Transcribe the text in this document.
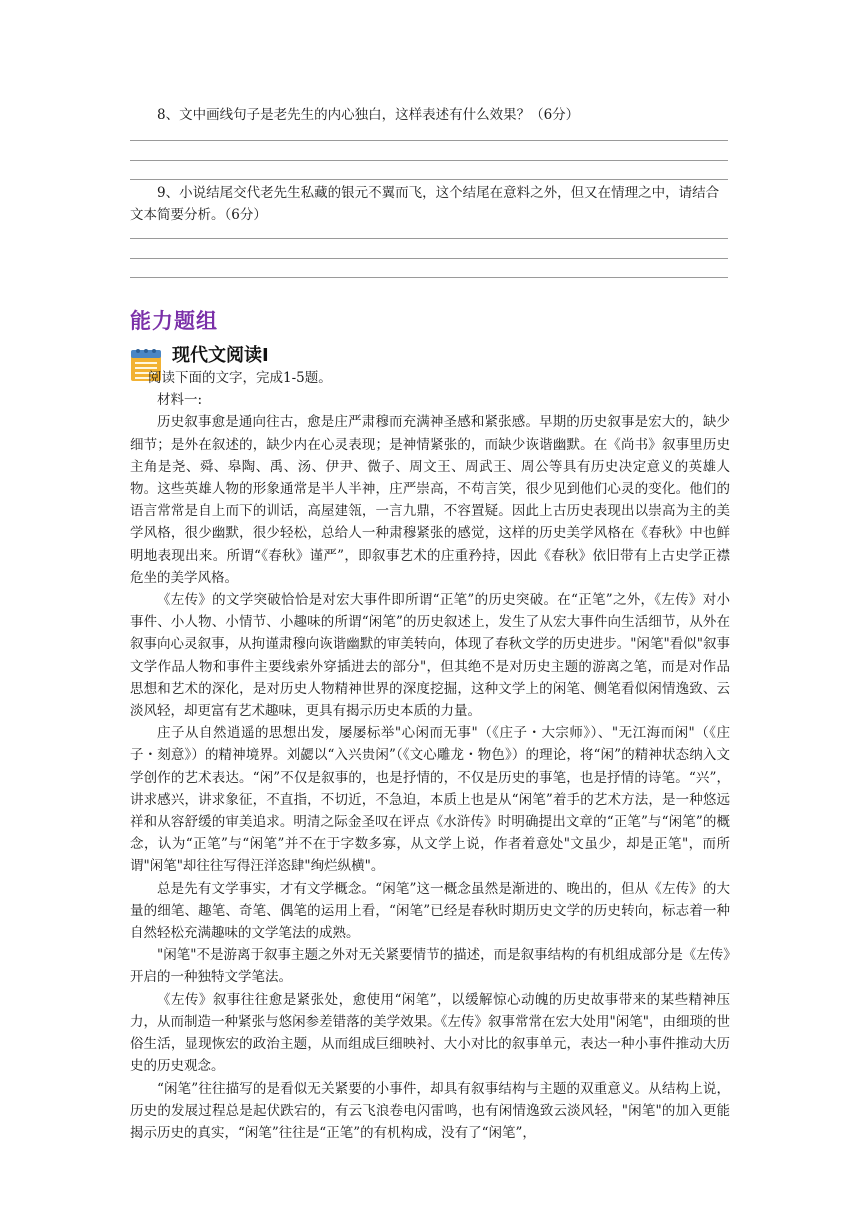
8、文中画线句子是老先生的内心独白，这样表述有什么效果？（6分）
9、小说结尾交代老先生私藏的银元不翼而飞，这个结尾在意料之外，但又在情理之中，请结合文本简要分析。（6分）
能力题组
现代文阅读Ⅰ

阅读下面的文字，完成1-5题。

材料一:

历史叙事愈是通向往古，愈是庄严肃穆而充满神圣感和紧张感。早期的历史叙事是宏大的，缺少细节；是外在叙述的，缺少内在心灵表现；是神情紧张的，而缺少诙谐幽默。在《尚书》叙事里历史主角是尧、舜、皋陶、禹、汤、伊尹、微子、周文王、周武王、周公等具有历史决定意义的英雄人物。这些英雄人物的形象通常是半人半神，庄严崇高，不苟言笑，很少见到他们心灵的变化。他们的语言常常是自上而下的训话，高屋建瓴，一言九鼎，不容置疑。因此上古历史表现出以崇高为主的美学风格，很少幽默，很少轻松，总给人一种肃穆紧张的感觉，这样的历史美学风格在《春秋》中也鲜明地表现出来。所谓“《春秋》谨严”，即叙事艺术的庄重矜持，因此《春秋》依旧带有上古史学正襟危坐的美学风格。

《左传》的文学突破恰恰是对宏大事件即所谓“正笔”的历史突破。在“正笔”之外，《左传》对小事件、小人物、小情节、小趣味的所谓“闲笔”的历史叙述上，发生了从宏大事件向生活细节，从外在叙事向心灵叙事，从拘谨肃穆向诙谐幽默的审美转向，体现了春秋文学的历史进步。"闲笔"看似"叙事文学作品人物和事件主要线索外穿插进去的部分"，但其绝不是对历史主题的游离之笔，而是对作品思想和艺术的深化，是对历史人物精神世界的深度挖掘，这种文学上的闲笔、侧笔看似闲情逸致、云淡风轻，却更富有艺术趣味，更具有揭示历史本质的力量。

庄子从自然逍遥的思想出发，屡屡标举"心闲而无事"（《庄子・大宗师》）、"无江海而闲"（《庄子・刻意》）的精神境界。刘勰以“入兴贵闲”（《文心雕龙・物色》）的理论，将“闲”的精神状态纳入文学创作的艺术表达。“闲”不仅是叙事的，也是抒情的，不仅是历史的事笔，也是抒情的诗笔。“兴”，讲求感兴，讲求象征，不直指，不切近，不急迫，本质上也是从“闲笔”着手的艺术方法，是一种悠远祥和从容舒缓的审美追求。明清之际金圣叹在评点《水浒传》时明确提出文章的“正笔”与“闲笔”的概念，认为“正笔”与“闲笔”并不在于字数多寡，从文学上说，作者着意处"文虽少，却是正笔"，而所谓"闲笔"却往往写得汪洋恣肆"绚烂纵横"。

总是先有文学事实，才有文学概念。“闲笔”这一概念虽然是渐进的、晚出的，但从《左传》的大量的细笔、趣笔、奇笔、偶笔的运用上看，“闲笔”已经是春秋时期历史文学的历史转向，标志着一种自然轻松充满趣味的文学笔法的成熟。

"闲笔"不是游离于叙事主题之外对无关紧要情节的描述，而是叙事结构的有机组成部分是《左传》开启的一种独特文学笔法。

《左传》叙事往往愈是紧张处，愈使用“闲笔”，以缓解惊心动魄的历史故事带来的某些精神压力，从而制造一种紧张与悠闲参差错落的美学效果。《左传》叙事常常在宏大处用"闲笔"，由细琐的世俗生活，显现恢宏的政治主题，从而组成巨细映衬、大小对比的叙事单元，表达一种小事件推动大历史的历史观念。

“闲笔”往往描写的是看似无关紧要的小事件，却具有叙事结构与主题的双重意义。从结构上说，历史的发展过程总是起伏跌宕的，有云飞浪卷电闪雷鸣，也有闲情逸致云淡风轻，"闲笔"的加入更能揭示历史的真实，“闲笔”往往是“正笔”的有机构成，没有了“闲笔”，
